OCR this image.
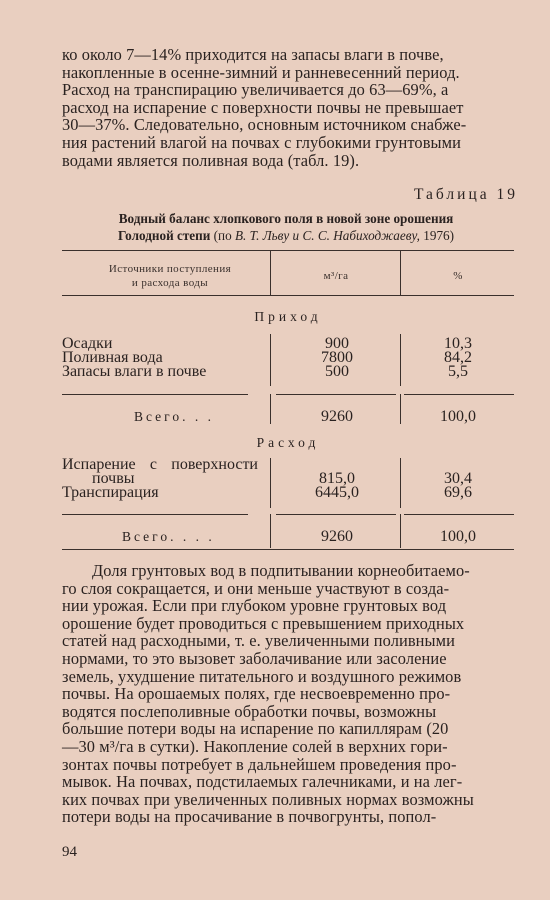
ко около 7—14% приходится на запасы влаги в почве,

накопленные в осенне-зимний и ранневесенний период.

Расход на транспирацию увеличивается до 63—69%, а

расход на испарение с поверхности почвы не превышает

30—37%. Следовательно, основным источником снабже-

ния растений влагой на почвах с глубокими грунтовыми

водами является поливная вода (табл. 19).

Таблица 19
Водный баланс хлопкового поля в новой зоне орошения
Голодной степи (по В. Т. Льву и С. С. Набиходжаеву, 1976)
Источники поступления
и расхода воды
м³/га	%
Приход
Осадки	900	10,3
Поливная вода	7800	84,2
Запасы влаги в почве	500	5,5
Всего. . .	9260	100,0
Расход
Испарение с поверхности
почвы	815,0	30,4
Транспирация	6445,0	69,6
Всего. . . .	9260	100,0

Доля грунтовых вод в подпитывании корнеобитаемо-

го слоя сокращается, и они меньше участвуют в созда-

нии урожая. Если при глубоком уровне грунтовых вод

орошение будет проводиться с превышением приходных

статей над расходными, т. е. увеличенными поливными

нормами, то это вызовет заболачивание или засоление

земель, ухудшение питательного и воздушного режимов

почвы. На орошаемых полях, где несвоевременно про-

водятся послеполивные обработки почвы, возможны

большие потери воды на испарение по капиллярам (20

—30 м³/га в сутки). Накопление солей в верхних гори-

зонтах почвы потребует в дальнейшем проведения про-

мывок. На почвах, подстилаемых галечниками, и на лег-

ких почвах при увеличенных поливных нормах возможны

потери воды на просачивание в почвогрунты, попол-

94
